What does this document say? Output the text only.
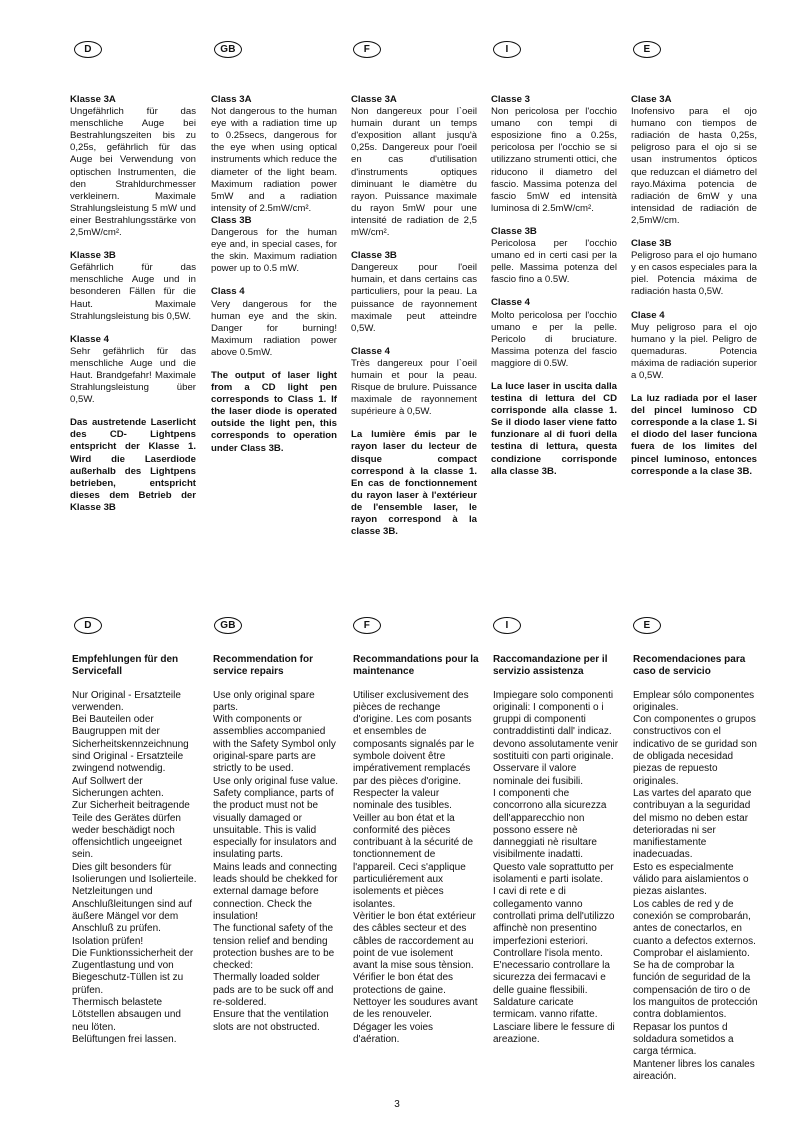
D	GB	F	I	E
Klasse 3A
Ungefährlich für das menschliche Auge bei Bestrahlungszeiten bis zu 0,25s, gefährlich für das Auge bei Verwendung von optischen Instrumenten, die den Strahldurchmesser verkleinern. Maximale Strahlungsleistung 5 mW und einer Bestrahlungsstärke von 2,5mW/cm².
Klasse 3B
Gefährlich für das menschliche Auge und in besonderen Fällen für die Haut. Maximale Strahlungsleistung bis 0,5W.
Klasse 4
Sehr gefährlich für das menschliche Auge und die Haut. Brandgefahr! Maximale Strahlungsleistung über 0,5W.
Das austretende Laserlicht des CD- Lightpens entspricht der Klasse 1. Wird die Laserdiode außerhalb des Lightpens betrieben, entspricht dieses dem Betrieb der Klasse 3B
Class 3A
Not dangerous to the human eye with a radiation time up to 0.25secs, dangerous for the eye when using optical instruments which reduce the diameter of the light beam. Maximum radiation power 5mW and a radiation intensity of 2.5mW/cm².
Class 3B
Dangerous for the human eye and, in special cases, for the skin. Maximum radiation power up to 0.5 mW.
Class 4
Very dangerous for the human eye and the skin. Danger for burning! Maximum radiation power above 0.5mW.
The output of laser light from a CD light pen corresponds to Class 1. If the laser diode is operated outside the light pen, this corresponds to operation under Class 3B.
Classe 3A
Non dangereux pour l`oeil humain durant un temps d'exposition allant jusqu'à 0,25s. Dangereux pour l'oeil en cas d'utilisation d'instruments optiques diminuant le diamètre du rayon. Puissance maximale du rayon 5mW pour une intensité de radiation de 2,5 mW/cm².
Classe 3B
Dangereux pour l'oeil humain, et dans certains cas particuliers, pour la peau. La puissance de rayonnement maximale peut atteindre 0,5W.
Classe 4
Très dangereux pour l`oeil humain et pour la peau. Risque de brulure. Puissance maximale de rayonnement supérieure à 0,5W.
La lumière émis par le rayon laser du lecteur de disque compact correspond à la classe 1. En cas de fonctionnement du rayon laser à l'extérieur de l'ensemble laser, le rayon correspond à la classe 3B.
Classe 3
Non pericolosa per l'occhio umano con tempi di esposizione fino a 0.25s, pericolosa per l'occhio se si utilizzano strumenti ottici, che riducono il diametro del fascio. Massima potenza del fascio 5mW ed intensità luminosa di 2.5mW/cm².
Classe 3B
Pericolosa per l'occhio umano ed in certi casi per la pelle. Massima potenza del fascio fino a 0.5W.
Classe 4
Molto pericolosa per l'occhio umano e per la pelle. Pericolo di bruciature. Massima potenza del fascio maggiore di 0.5W.
La luce laser in uscita dalla testina di lettura del CD corrisponde alla classe 1. Se il diodo laser viene fatto funzionare al di fuori della testina di lettura, questa condizione corrisponde alla classe 3B.
Clase 3A
Inofensivo para el ojo humano con tiempos de radiación de hasta 0,25s, peligroso para el ojo si se usan instrumentos ópticos que reduzcan el diámetro del rayo.Máxima potencia de radiación de 6mW y una intensidad de radiación de 2,5mW/cm.
Clase 3B
Peligroso para el ojo humano y en casos especiales para la piel. Potencia máxima de radiación hasta 0,5W.
Clase 4
Muy peligroso para el ojo humano y la piel. Peligro de quemaduras. Potencia máxima de radiación superior a 0,5W.
La luz radiada por el laser del pincel luminoso CD corresponde a la clase 1. Si el diodo del laser funciona fuera de los limites del pincel luminoso, entonces corresponde a la clase 3B.
D	GB	F	I	E
Empfehlungen für den Servicefall
Nur Original - Ersatzteile verwenden.
Bei Bauteilen oder Baugruppen mit der Sicherheitskennzeichnung sind Original - Ersatzteile zwingend notwendig.
Auf Sollwert der Sicherungen achten.
Zur Sicherheit beitragende Teile des Gerätes dürfen weder beschädigt noch offensichtlich ungeeignet sein.
Dies gilt besonders für Isolierungen und Isolierteile.
Netzleitungen und Anschlußleitungen sind auf äußere Mängel vor dem Anschluß zu prüfen. Isolation prüfen!
Die Funktionssicherheit der Zugentlastung und von Biegeschutz-Tüllen ist zu prüfen.
Thermisch belastete Lötstellen absaugen und neu löten.
Belüftungen frei lassen.
Recommendation for service repairs
Use only original spare parts.
With components or assemblies accompanied with the Safety Symbol only original-spare parts are strictly to be used.
Use only original fuse value.
Safety compliance, parts of the product must not be visually damaged or unsuitable. This is valid especially for insulators and insulating parts.
Mains leads and connecting leads should be chekked for external damage before connection. Check the insulation!
The functional safety of the tension relief and bending protection bushes are to be checked:
Thermally loaded solder pads are to be suck off and re-soldered.
Ensure that the ventilation slots are not obstructed.
Recommandations pour la maintenance
Utiliser exclusivement des pièces de rechange d'origine. Les com posants et ensembles de composants signalés par le symbole doivent être impérativement remplacés par des pièces d'origine.
Respecter la valeur nominale des tusibles.
Veiller au bon état et la conformité des pièces contribuant à la sécurité de tonctionnement de l'appareil. Ceci s'applique particuliérement aux isolements et pièces isolantes.
Vèritier le bon état extérieur des câbles secteur et des câbles de raccordement au point de vue isolement avant la mise sous tènsion.
Vérifier le bon état des protections de gaine.
Nettoyer les soudures avant de les renouveler.
Dégager les voies d'aération.
Raccomandazione per il servizio assistenza
Impiegare solo componenti originali: I componenti o i gruppi di componenti contraddistinti dall' indicaz. devono assolutamente venir sostituiti con parti originale.
Osservare il valore nominale dei fusibili.
I componenti che concorrono alla sicurezza dell'apparecchio non possono essere nè danneggiati nè risultare visibilmente inadatti.
Questo vale soprattutto per isolamenti e parti isolate.
I cavi di rete e di collegamento vanno controllati prima dell'utilizzo affinchè non presentino imperfezioni esteriori. Controllare l'isola mento.
E'necessario controllare la sicurezza dei fermacavi e delle guaine flessibili.
Saldature caricate termicam. vanno rifatte.
Lasciare libere le fessure di areazione.
Recomendaciones para caso de servicio
Emplear sólo componentes originales.
Con componentes o grupos constructivos con el indicativo de se guridad son de obligada necesidad piezas de repuesto originales.
Las vartes del aparato que contribuyan a la seguridad del mismo no deben estar deterioradas ni ser manifiestamente inadecuadas.
Esto es especialmente válido para aislamientos o piezas aislantes.
Los cables de red y de conexión se comprobarán, antes de conectarlos, en cuanto a defectos externos. Comprobar el aislamiento.
Se ha de comprobar la función de seguridad de la compensación de tiro o de los manguitos de protección contra dobIamientos.
Repasar los puntos d soldadura sometidos a carga térmica.
Mantener libres los canales aireación.
3
